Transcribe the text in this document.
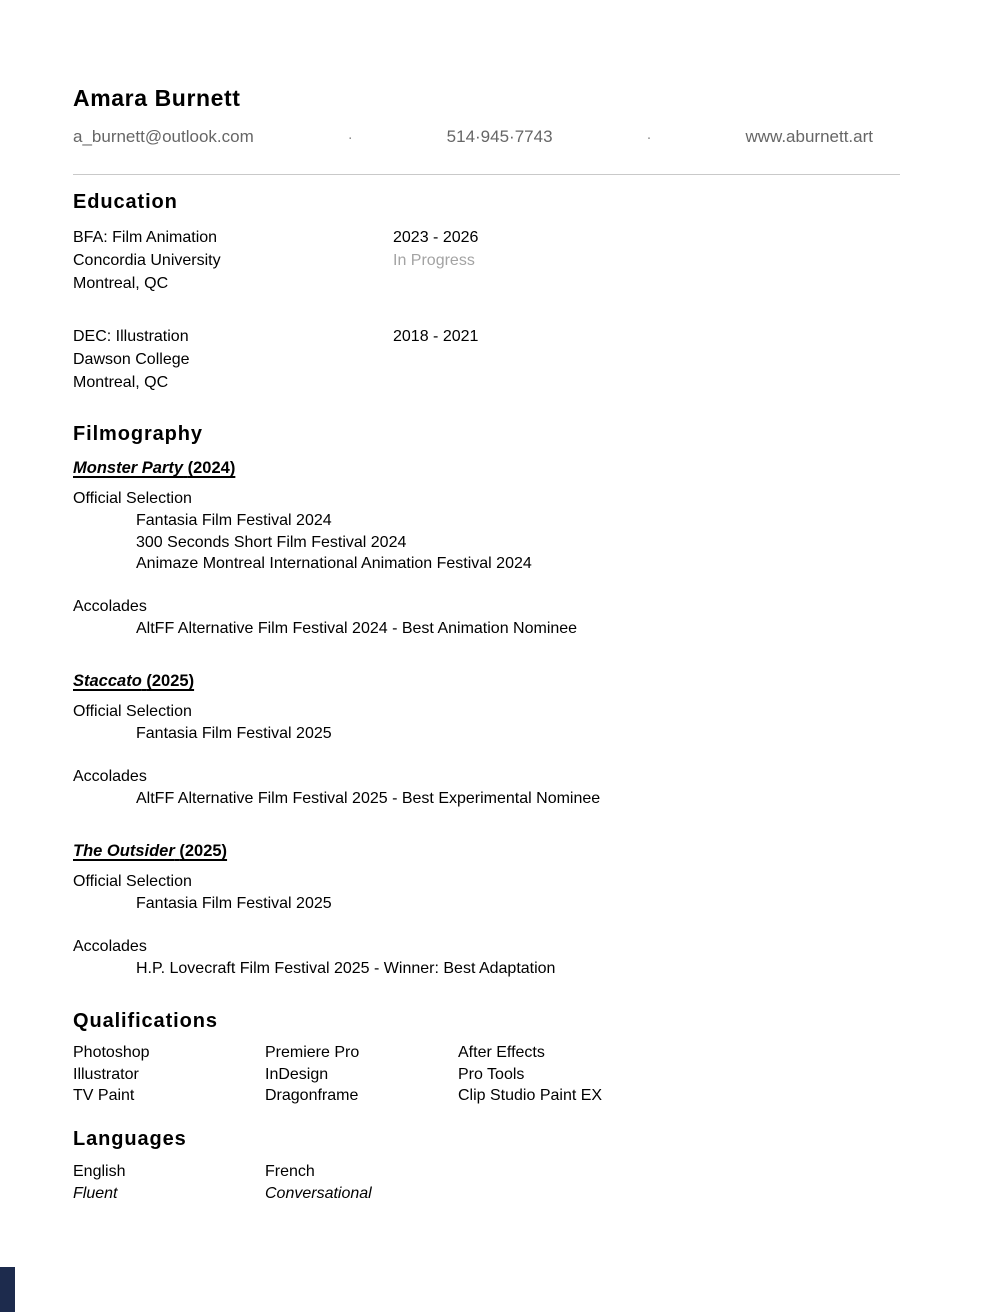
Amara Burnett
a_burnett@outlook.com	·	514·945·7743	·	www.aburnett.art
Education
BFA: Film Animation
Concordia University
Montreal, QC
2023 - 2026
In Progress
DEC: Illustration
Dawson College
Montreal, QC
2018 - 2021
Filmography
Monster Party (2024)
Official Selection
Fantasia Film Festival 2024
300 Seconds Short Film Festival 2024
Animaze Montreal International Animation Festival 2024
Accolades
AltFF Alternative Film Festival 2024 - Best Animation Nominee
Staccato (2025)
Official Selection
Fantasia Film Festival 2025
Accolades
AltFF Alternative Film Festival 2025 - Best Experimental Nominee
The Outsider (2025)
Official Selection
Fantasia Film Festival 2025
Accolades
H.P. Lovecraft Film Festival 2025 - Winner: Best Adaptation
Qualifications
Photoshop	Premiere Pro	After Effects
Illustrator	InDesign	Pro Tools
TV Paint	Dragonframe	Clip Studio Paint EX
Languages
English
Fluent
French
Conversational
